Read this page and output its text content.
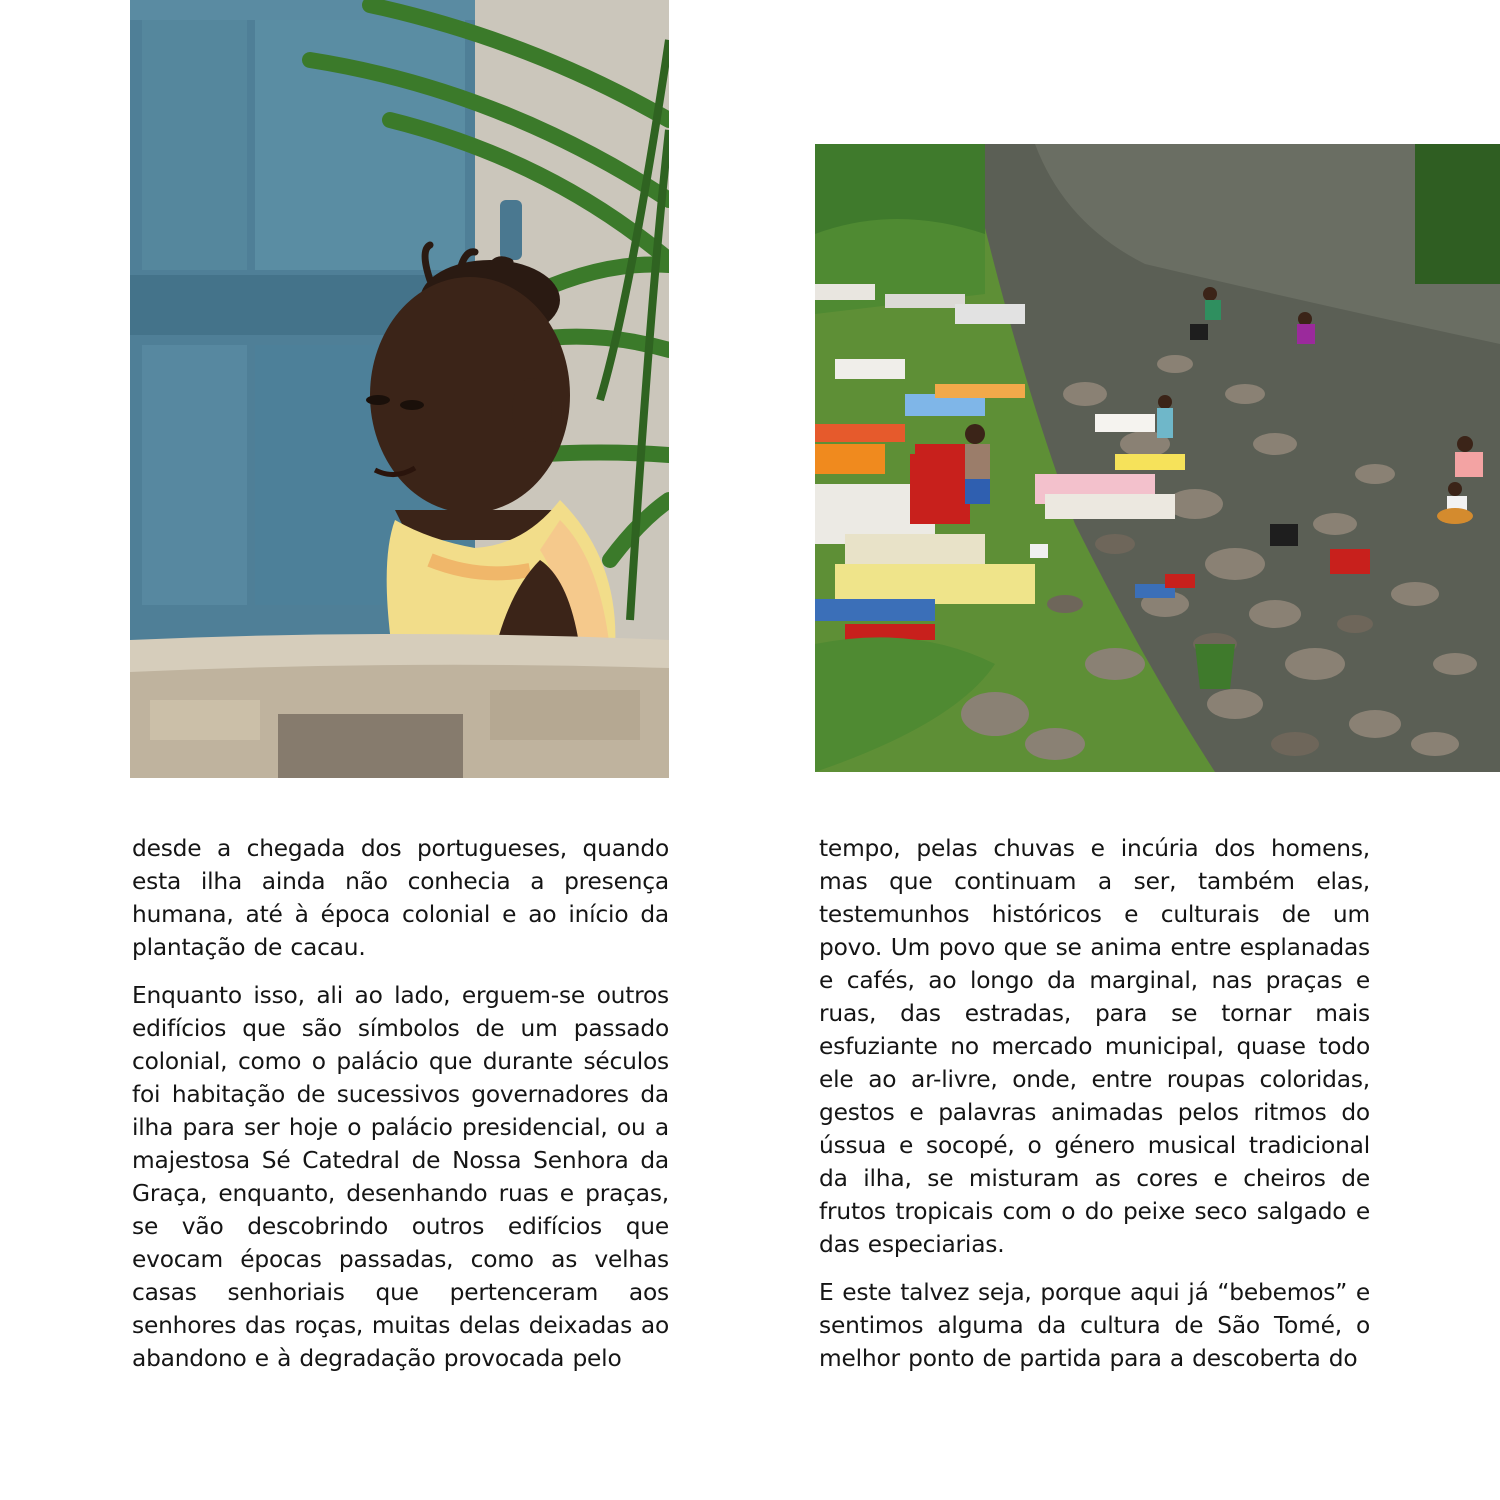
desde a chegada dos portugueses, quando esta ilha ainda não conhecia a presença humana, até à época colonial e ao início da plantação de cacau.

Enquanto isso, ali ao lado, erguem-se outros edifícios que são símbolos de um passado colonial, como o palácio que durante séculos foi habitação de sucessivos governadores da ilha para ser hoje o palácio presidencial, ou a majestosa Sé Catedral de Nossa Senhora da Graça, enquanto, desenhando ruas e praças, se vão descobrindo outros edifícios que evocam épocas passadas, como as velhas casas senhoriais que pertenceram aos senhores das roças, muitas delas deixadas ao abandono e à degradação provocada pelo

tempo, pelas chuvas e incúria dos homens, mas que continuam a ser, também elas, testemunhos históricos e culturais de um povo. Um povo que se anima entre esplanadas e cafés, ao longo da marginal, nas praças e ruas, das estradas, para se tornar mais esfuziante no mercado municipal, quase todo ele ao ar-livre, onde, entre roupas coloridas, gestos e palavras animadas pelos ritmos do ússua e socopé, o género musical tradicional da ilha, se misturam as cores e cheiros de frutos tropicais com o do peixe seco salgado e das especiarias.

E este talvez seja, porque aqui já “bebemos” e sentimos alguma da cultura de São Tomé, o melhor ponto de partida para a descoberta do
